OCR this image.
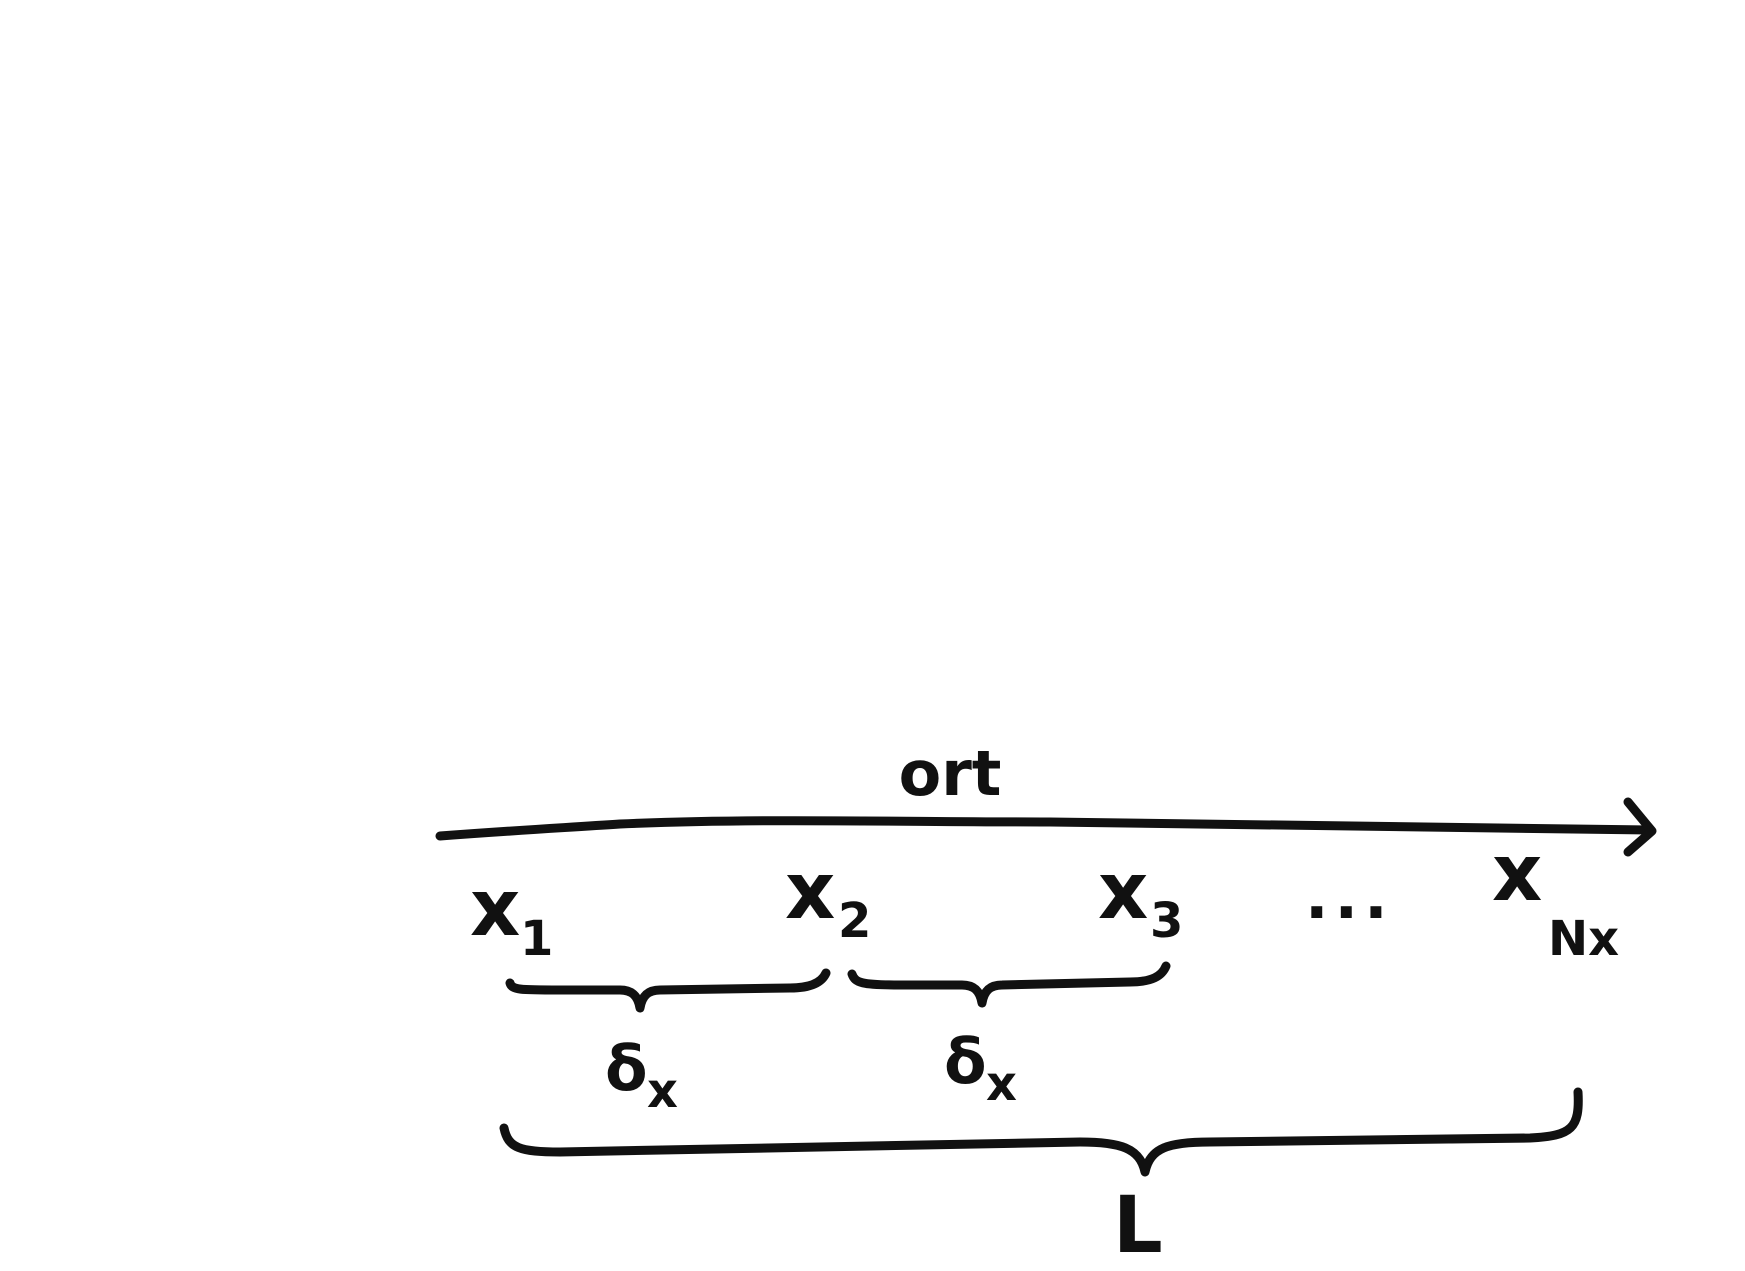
ort
x 1
x 2	x 3 ... x
Nx
δ x	δ x
L
